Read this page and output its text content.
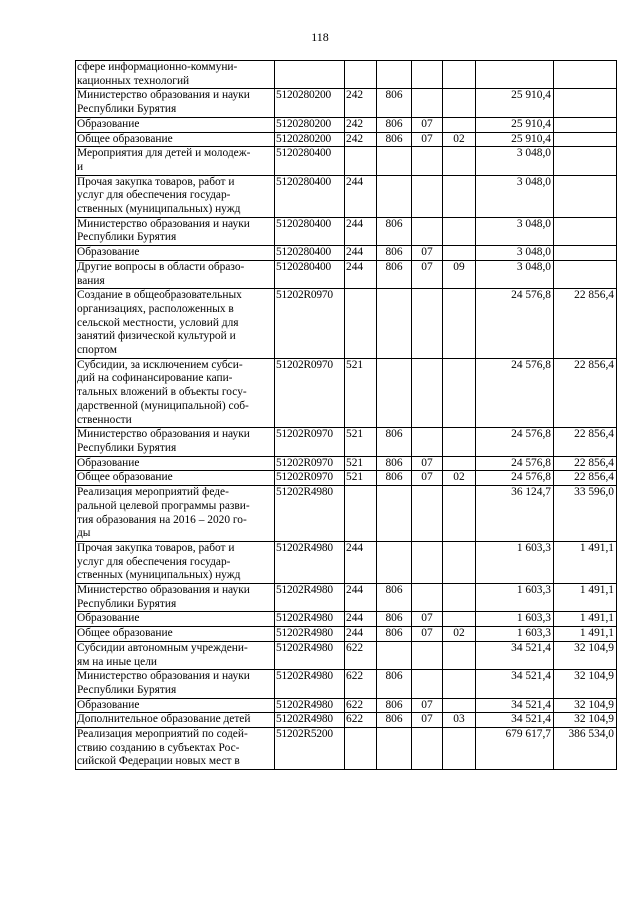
118
сфере информационно-коммуни-
кационных технологий							
Министерство образования и науки
Республики Бурятия	5120280200	242	806			25 910,4	
Образование	5120280200	242	806	07		25 910,4	
Общее образование	5120280200	242	806	07	02	25 910,4	
Мероприятия для детей и молодеж-
и	5120280400					3 048,0	
Прочая закупка товаров, работ и
услуг для обеспечения государ-
ственных (муниципальных) нужд	5120280400	244				3 048,0	
Министерство образования и науки
Республики Бурятия	5120280400	244	806			3 048,0	
Образование	5120280400	244	806	07		3 048,0	
Другие вопросы в области образо-
вания	5120280400	244	806	07	09	3 048,0	
Создание в общеобразовательных
организациях, расположенных в
сельской местности, условий для
занятий физической культурой и
спортом	51202R0970					24 576,8	22 856,4
Субсидии, за исключением субси-
дий на софинансирование капи-
тальных вложений в объекты госу-
дарственной (муниципальной) соб-
ственности	51202R0970	521				24 576,8	22 856,4
Министерство образования и науки
Республики Бурятия	51202R0970	521	806			24 576,8	22 856,4
Образование	51202R0970	521	806	07		24 576,8	22 856,4
Общее образование	51202R0970	521	806	07	02	24 576,8	22 856,4
Реализация мероприятий феде-
ральной целевой программы разви-
тия образования на 2016 – 2020 го-
ды	51202R4980					36 124,7	33 596,0
Прочая закупка товаров, работ и
услуг для обеспечения государ-
ственных (муниципальных) нужд	51202R4980	244				1 603,3	1 491,1
Министерство образования и науки
Республики Бурятия	51202R4980	244	806			1 603,3	1 491,1
Образование	51202R4980	244	806	07		1 603,3	1 491,1
Общее образование	51202R4980	244	806	07	02	1 603,3	1 491,1
Субсидии автономным учреждени-
ям на иные цели	51202R4980	622				34 521,4	32 104,9
Министерство образования и науки
Республики Бурятия	51202R4980	622	806			34 521,4	32 104,9
Образование	51202R4980	622	806	07		34 521,4	32 104,9
Дополнительное образование детей	51202R4980	622	806	07	03	34 521,4	32 104,9
Реализация мероприятий по содей-
ствию созданию в субъектах Рос-
сийской Федерации новых мест в	51202R5200					679 617,7	386 534,0
